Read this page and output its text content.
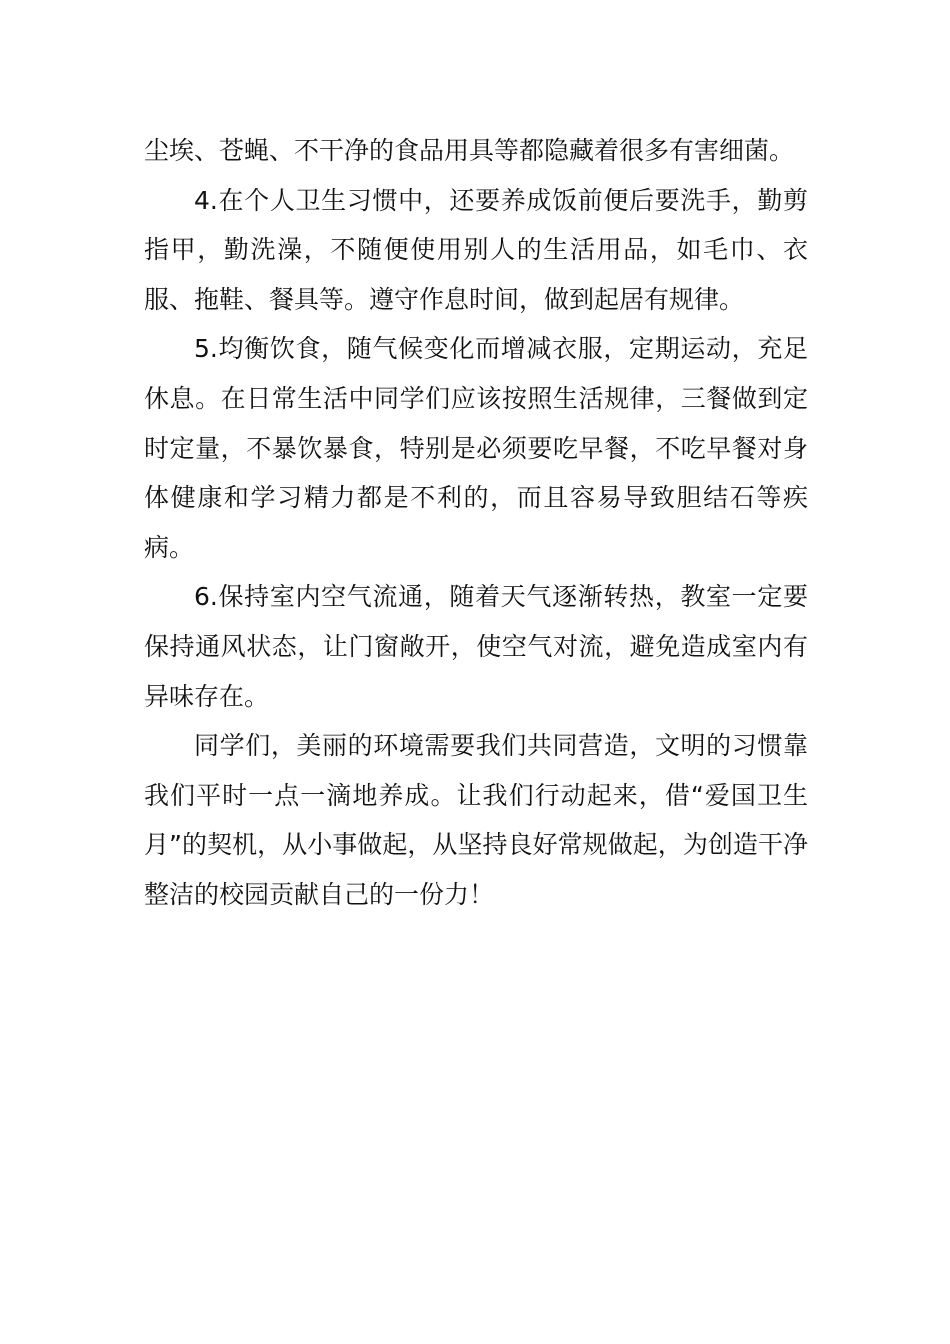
尘埃、苍蝇、不干净的食品用具等都隐藏着很多有害细菌。

4.在个人卫生习惯中，还要养成饭前便后要洗手，勤剪指甲，勤洗澡，不随便使用别人的生活用品，如毛巾、衣服、拖鞋、餐具等。遵守作息时间，做到起居有规律。

5.均衡饮食，随气候变化而增减衣服，定期运动，充足休息。在日常生活中同学们应该按照生活规律，三餐做到定时定量，不暴饮暴食，特别是必须要吃早餐，不吃早餐对身体健康和学习精力都是不利的，而且容易导致胆结石等疾病。

6.保持室内空气流通，随着天气逐渐转热，教室一定要保持通风状态，让门窗敞开，使空气对流，避免造成室内有异味存在。

同学们，美丽的环境需要我们共同营造，文明的习惯靠我们平时一点一滴地养成。让我们行动起来，借“爱国卫生月”的契机，从小事做起，从坚持良好常规做起，为创造干净整洁的校园贡献自己的一份力！
